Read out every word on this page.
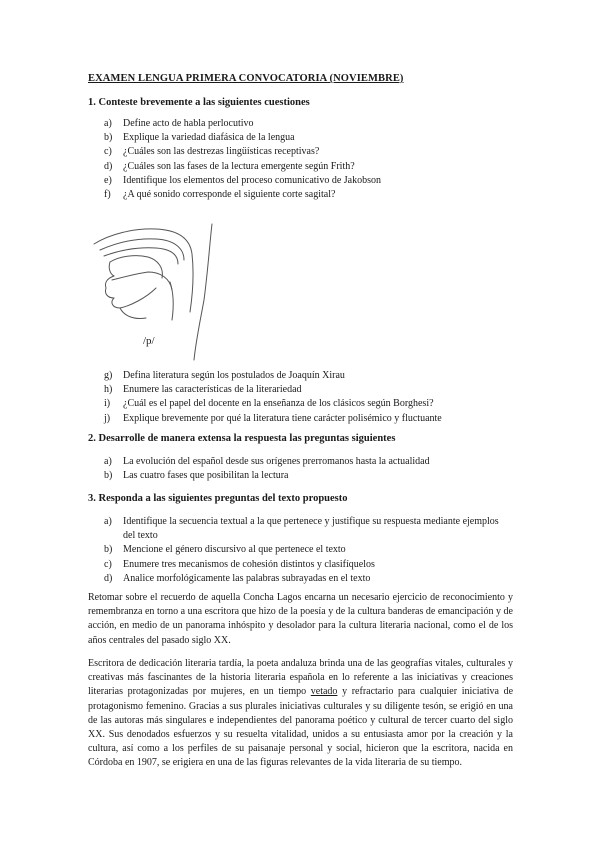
EXAMEN LENGUA PRIMERA CONVOCATORIA (NOVIEMBRE)
1. Conteste brevemente a las siguientes cuestiones
a)	Define acto de habla perlocutivo
b)	Explique la variedad diafásica de la lengua
c)	¿Cuáles son las destrezas lingüísticas receptivas?
d)	¿Cuáles son las fases de la lectura emergente según Frith?
e)	Identifique los elementos del proceso comunicativo de Jakobson
f)	¿A qué sonido corresponde el siguiente corte sagital?
/p/
g)	Defina literatura según los postulados de Joaquín Xirau
h)	Enumere las características de la literariedad
i)	¿Cuál es el papel del docente en la enseñanza de los clásicos según Borghesi?
j)	Explique brevemente por qué la literatura tiene carácter polisémico y fluctuante
2. Desarrolle de manera extensa la respuesta las preguntas siguientes
a)	La evolución del español desde sus orígenes prerromanos hasta la actualidad
b)	Las cuatro fases que posibilitan la lectura
3. Responda a las siguientes preguntas del texto propuesto
a)	Identifique la secuencia textual a la que pertenece y justifique su respuesta mediante ejemplos del texto
b)	Mencione el género discursivo al que pertenece el texto
c)	Enumere tres mecanismos de cohesión distintos y clasifíquelos
d)	Analice morfológicamente las palabras subrayadas en el texto

Retomar sobre el recuerdo de aquella Concha Lagos encarna un necesario ejercicio de reconocimiento y remembranza en torno a una escritora que hizo de la poesía y de la cultura banderas de emancipación y de acción, en medio de un panorama inhóspito y desolador para la cultura literaria nacional, como el de los años centrales del pasado siglo XX.

Escritora de dedicación literaria tardía, la poeta andaluza brinda una de las geografías vitales, culturales y creativas más fascinantes de la historia literaria española en lo referente a las iniciativas y creaciones literarias protagonizadas por mujeres, en un tiempo vetado y refractario para cualquier iniciativa de protagonismo femenino. Gracias a sus plurales iniciativas culturales y su diligente tesón, se erigió en una de las autoras más singulares e independientes del panorama poético y cultural de tercer cuarto del siglo XX. Sus denodados esfuerzos y su resuelta vitalidad, unidos a su entusiasta amor por la creación y la cultura, así como a los perfiles de su paisanaje personal y social, hicieron que la escritora, nacida en Córdoba en 1907, se erigiera en una de las figuras relevantes de la vida literaria de su tiempo.
